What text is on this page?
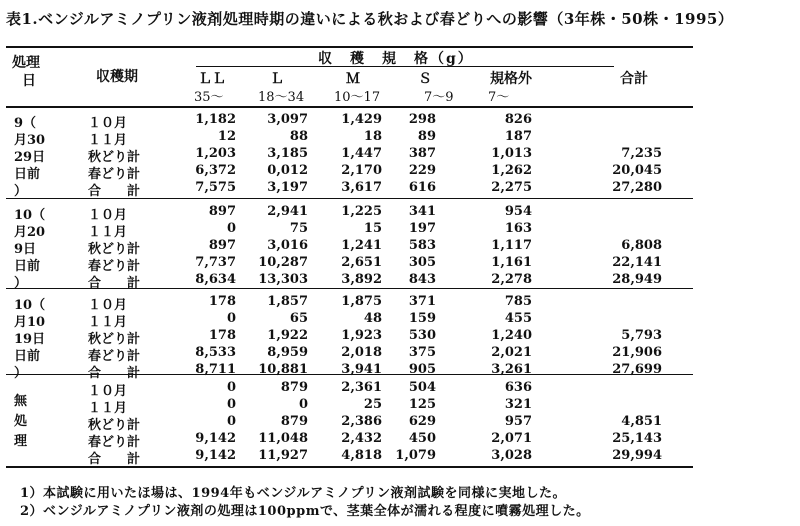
表1.ベンジルアミノプリン液剤処理時期の違いによる秋および春どりへの影響（3年株・50株・1995）
処理
日	収穫期
収　穫　規　格（g）
合計
ＬＬ
35～
Ｌ
18～34
Ｍ
10～17
Ｓ
7～9
規格外
7～
9（
月30
29日
日前
）
１０月	1,182	3,097	1,429	298	826
１１月	12	88	18	89	187
秋どり計	1,203	3,185	1,447	387	1,013	7,235
春どり計	6,372	0,012	2,170	229	1,262	20,045
合　　計	7,575	3,197	3,617	616	2,275	27,280
10（
月20
9日
日前
）
１０月	897	2,941	1,225	341	954
１１月	0	75	15	197	163
秋どり計	897	3,016	1,241	583	1,117	6,808
春どり計	7,737	10,287	2,651	305	1,161	22,141
合　　計	8,634	13,303	3,892	843	2,278	28,949
10（
月10
19日
日前
）
１０月	178	1,857	1,875	371	785
１１月	0	65	48	159	455
秋どり計	178	1,922	1,923	530	1,240	5,793
春どり計	8,533	8,959	2,018	375	2,021	21,906
合　　計	8,711	10,881	3,941	905	3,261	27,699
無
処
理
１０月	0	879	2,361	504	636
１１月	0	0	25	125	321
秋どり計	0	879	2,386	629	957	4,851
春どり計	9,142	11,048	2,432	450	2,071	25,143
合　　計	9,142	11,927	4,818	1,079	3,028	29,994
1）本試験に用いたほ場は、1994年もベンジルアミノプリン液剤試験を同様に実地した。
2）ベンジルアミノプリン液剤の処理は100ppmで、茎葉全体が濡れる程度に噴霧処理した。
